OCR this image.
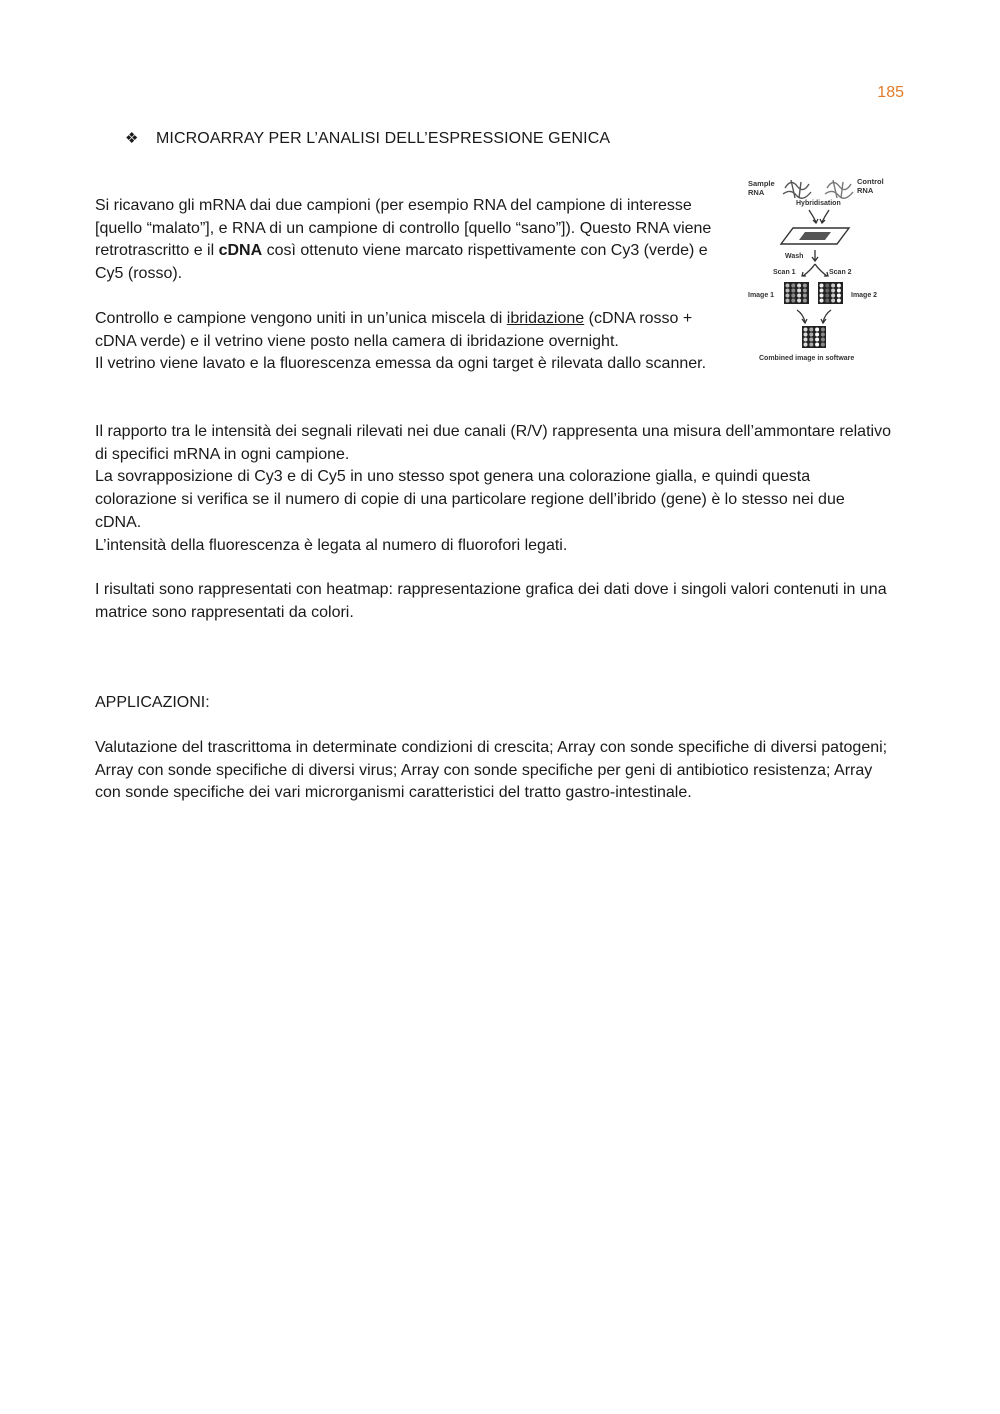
185
❖ MICROARRAY PER L’ANALISI DELL’ESPRESSIONE GENICA

Si ricavano gli mRNA dai due campioni (per esempio RNA del campione di interesse [quello “malato”], e RNA di un campione di controllo [quello “sano”]). Questo RNA viene retrotrascritto e il cDNA così ottenuto viene marcato rispettivamente con Cy3 (verde) e Cy5 (rosso).

Controllo e campione vengono uniti in un’unica miscela di ibridazione (cDNA rosso + cDNA verde) e il vetrino viene posto nella camera di ibridazione overnight.
Il vetrino viene lavato e la fluorescenza emessa da ogni target è rilevata dallo scanner.

Il rapporto tra le intensità dei segnali rilevati nei due canali (R/V) rappresenta una misura dell’ammontare relativo di specifici mRNA in ogni campione.
La sovrapposizione di Cy3 e di Cy5 in uno stesso spot genera una colorazione gialla, e quindi questa colorazione si verifica se il numero di copie di una particolare regione dell’ibrido (gene) è lo stesso nei due cDNA.
L’intensità della fluorescenza è legata al numero di fluorofori legati.

I risultati sono rappresentati con heatmap: rappresentazione grafica dei dati dove i singoli valori contenuti in una matrice sono rappresentati da colori.

APPLICAZIONI:

Valutazione del trascrittoma in determinate condizioni di crescita; Array con sonde specifiche di diversi patogeni; Array con sonde specifiche di diversi virus; Array con sonde specifiche per geni di antibiotico resistenza; Array con sonde specifiche dei vari microrganismi caratteristici del tratto gastro-intestinale.

Sample
RNA
Control
RNA
Hybridisation
Wash
Scan 1	Scan 2
Image 1	Image 2
Combined image in software
